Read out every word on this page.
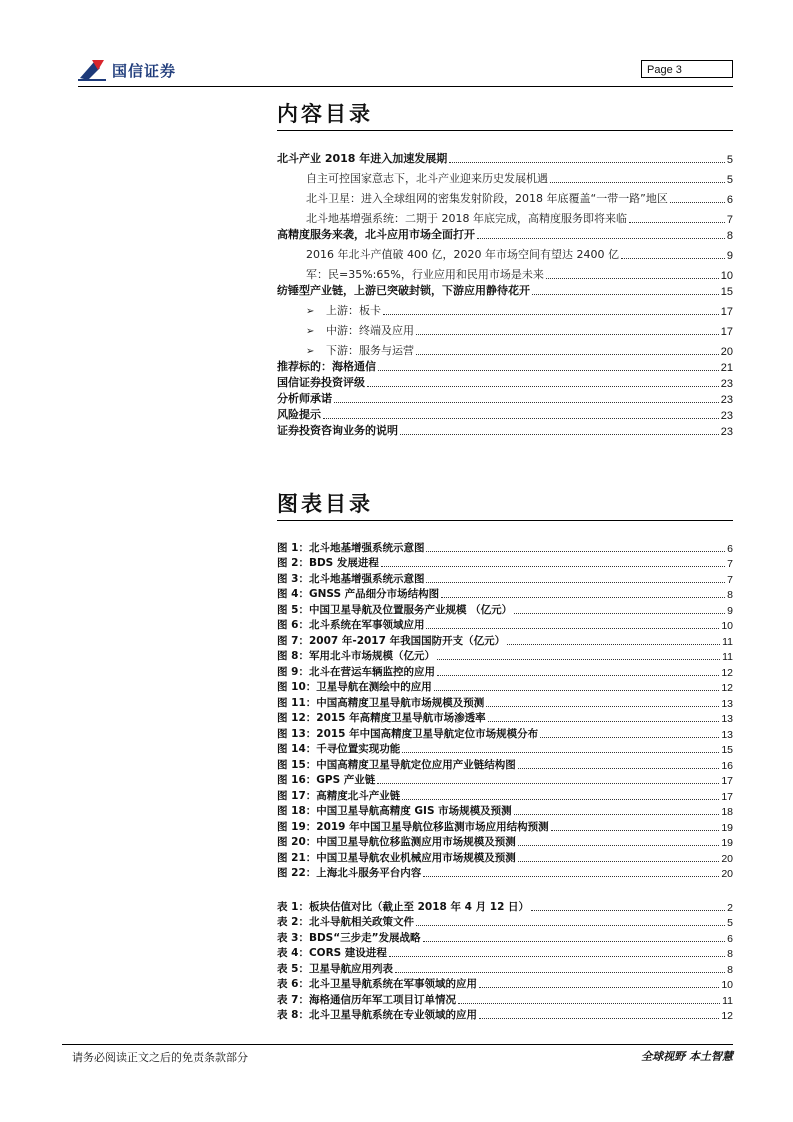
国信证券	Page 3
内容目录
北斗产业 2018 年进入加速发展期	5
自主可控国家意志下，北斗产业迎来历史发展机遇	5
北斗卫星：进入全球组网的密集发射阶段，2018 年底覆盖“一带一路”地区	6
北斗地基增强系统：二期于 2018 年底完成，高精度服务即将来临	7
高精度服务来袭，北斗应用市场全面打开	8
2016 年北斗产值破 400 亿，2020 年市场空间有望达 2400 亿	9
军：民=35%:65%，行业应用和民用市场是未来	10
纺锤型产业链，上游已突破封锁，下游应用静待花开	15
➢ 上游：板卡	17
➢ 中游：终端及应用	17
➢ 下游：服务与运营	20
推荐标的：海格通信	21
国信证券投资评级	23
分析师承诺	23
风险提示	23
证券投资咨询业务的说明	23
图表目录
图 1：北斗地基增强系统示意图	6
图 2：BDS 发展进程	7
图 3：北斗地基增强系统示意图	7
图 4：GNSS 产品细分市场结构图	8
图 5：中国卫星导航及位置服务产业规模 （亿元）	9
图 6：北斗系统在军事领域应用	10
图 7：2007 年-2017 年我国国防开支（亿元）	11
图 8：军用北斗市场规模（亿元）	11
图 9：北斗在营运车辆监控的应用	12
图 10：卫星导航在测绘中的应用	12
图 11：中国高精度卫星导航市场规模及预测	13
图 12：2015 年高精度卫星导航市场渗透率	13
图 13：2015 年中国高精度卫星导航定位市场规模分布	13
图 14：千寻位置实现功能	15
图 15：中国高精度卫星导航定位应用产业链结构图	16
图 16：GPS 产业链	17
图 17：高精度北斗产业链	17
图 18：中国卫星导航高精度 GIS 市场规模及预测	18
图 19：2019 年中国卫星导航位移监测市场应用结构预测	19
图 20：中国卫星导航位移监测应用市场规模及预测	19
图 21：中国卫星导航农业机械应用市场规模及预测	20
图 22：上海北斗服务平台内容	20
表 1：板块估值对比（截止至 2018 年 4 月 12 日）	2
表 2：北斗导航相关政策文件	5
表 3：BDS“三步走”发展战略	6
表 4：CORS 建设进程	8
表 5：卫星导航应用列表	8
表 6：北斗卫星导航系统在军事领域的应用	10
表 7：海格通信历年军工项目订单情况	11
表 8：北斗卫星导航系统在专业领域的应用	12
请务必阅读正文之后的免责条款部分	全球视野 本土智慧
